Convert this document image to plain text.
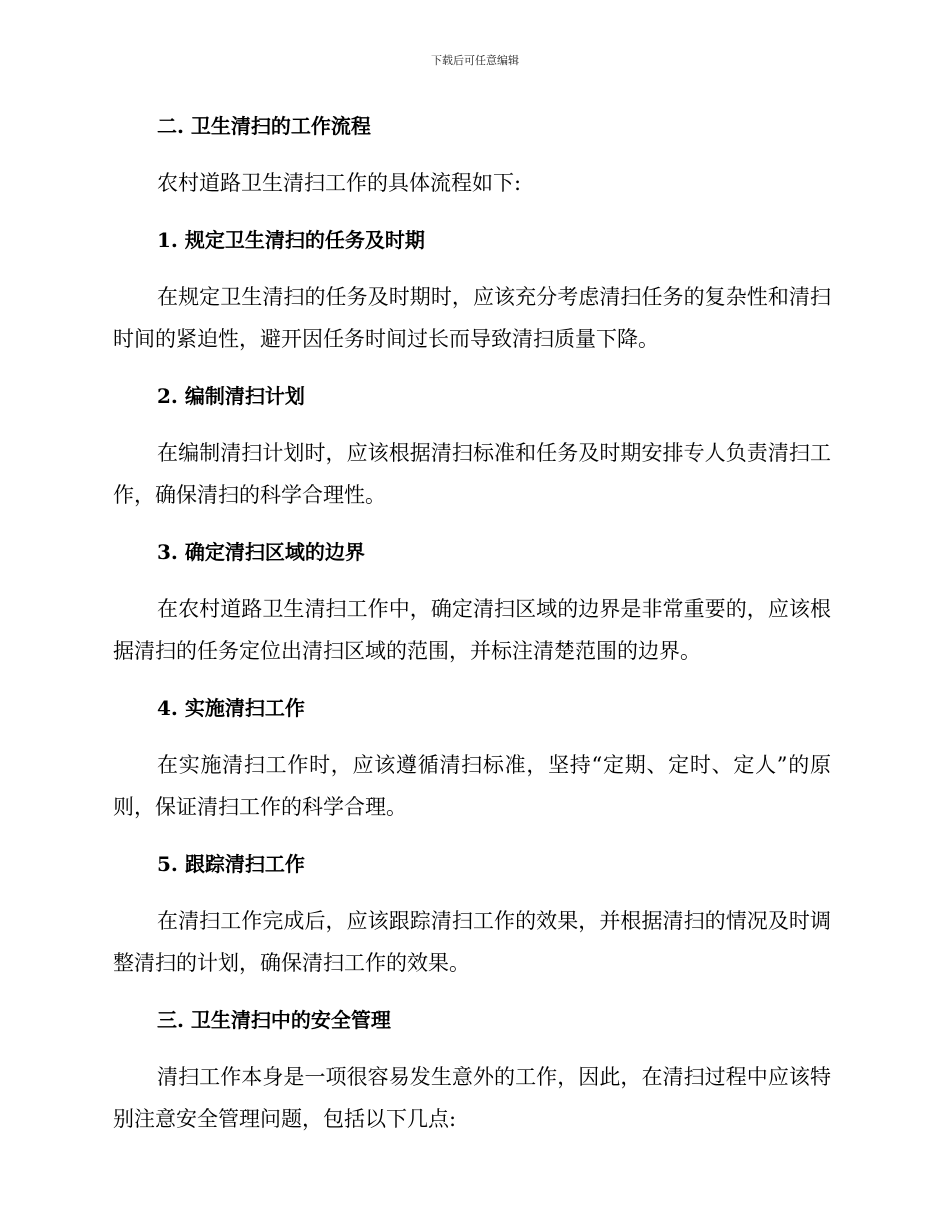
下载后可任意编辑
二. 卫生清扫的工作流程

农村道路卫生清扫工作的具体流程如下:

1. 规定卫生清扫的任务及时期

在规定卫生清扫的任务及时期时，应该充分考虑清扫任务的复杂性和清扫时间的紧迫性，避开因任务时间过长而导致清扫质量下降。

2. 编制清扫计划

在编制清扫计划时，应该根据清扫标准和任务及时期安排专人负责清扫工作，确保清扫的科学合理性。

3. 确定清扫区域的边界

在农村道路卫生清扫工作中，确定清扫区域的边界是非常重要的，应该根据清扫的任务定位出清扫区域的范围，并标注清楚范围的边界。

4. 实施清扫工作

在实施清扫工作时，应该遵循清扫标准，坚持“定期、定时、定人”的原则，保证清扫工作的科学合理。

5. 跟踪清扫工作

在清扫工作完成后，应该跟踪清扫工作的效果，并根据清扫的情况及时调整清扫的计划，确保清扫工作的效果。

三. 卫生清扫中的安全管理

清扫工作本身是一项很容易发生意外的工作，因此，在清扫过程中应该特别注意安全管理问题，包括以下几点:
